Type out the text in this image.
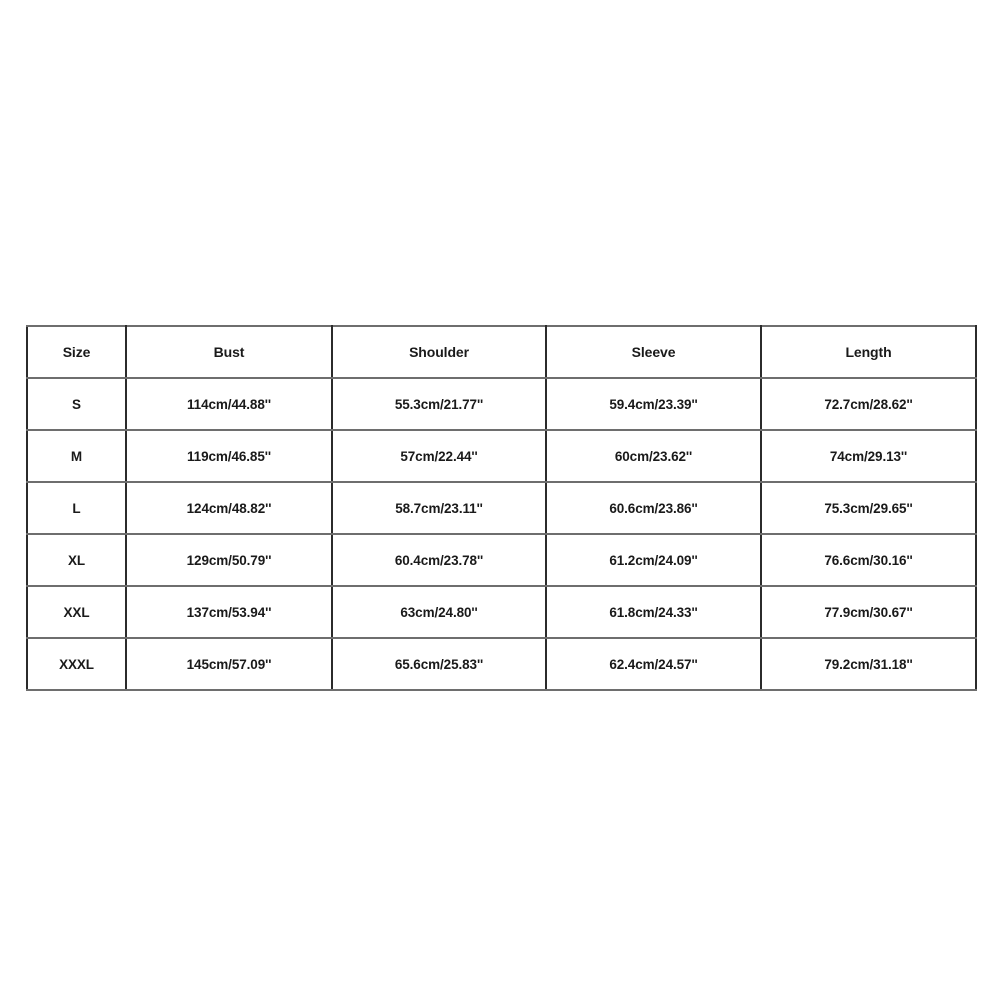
Size	Bust	Shoulder	Sleeve	Length
S	114cm/44.88''	55.3cm/21.77''	59.4cm/23.39''	72.7cm/28.62''
M	119cm/46.85''	57cm/22.44''	60cm/23.62''	74cm/29.13''
L	124cm/48.82''	58.7cm/23.11''	60.6cm/23.86''	75.3cm/29.65''
XL	129cm/50.79''	60.4cm/23.78''	61.2cm/24.09''	76.6cm/30.16''
XXL	137cm/53.94''	63cm/24.80''	61.8cm/24.33''	77.9cm/30.67''
XXXL	145cm/57.09''	65.6cm/25.83''	62.4cm/24.57''	79.2cm/31.18''
